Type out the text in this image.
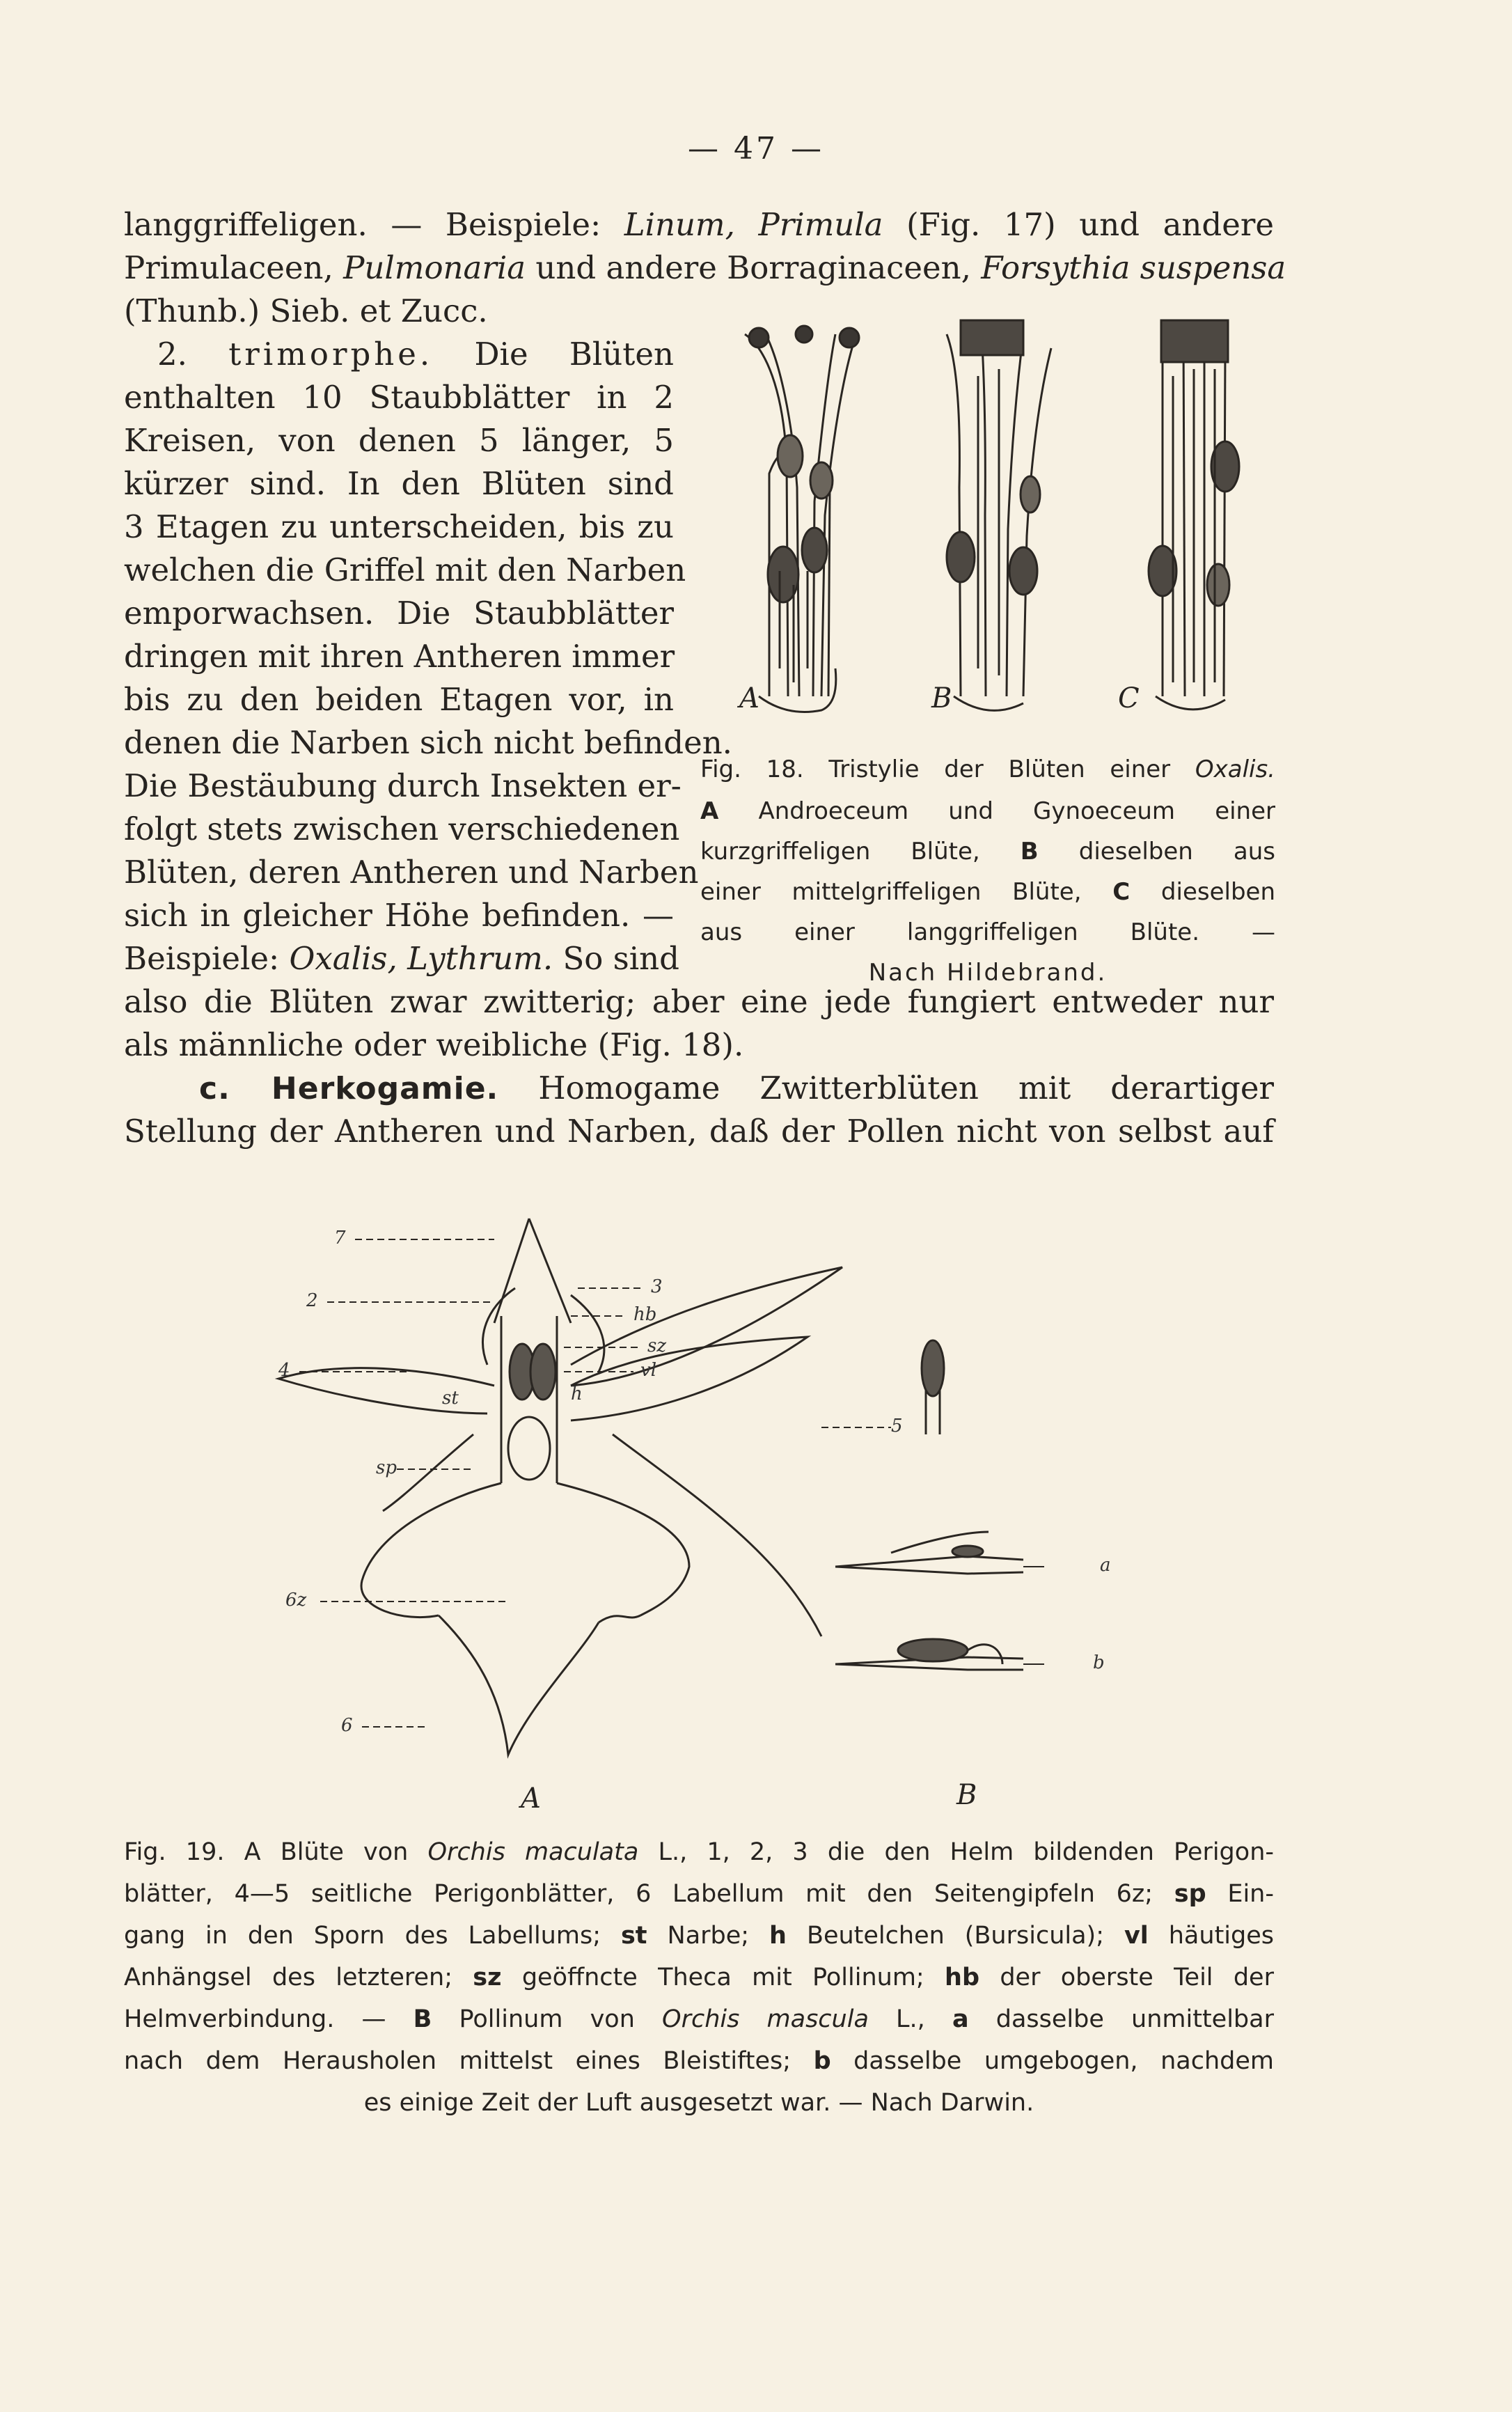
— 47 —
langgriffeligen. — Beispiele: Linum, Primula (Fig. 17) und andere
Primulaceen, Pulmonaria und andere Borraginaceen, Forsythia suspensa
(Thunb.) Sieb. et Zucc.
2. trimorphe. Die Blüten
enthalten 10 Staubblätter in 2
Kreisen, von denen 5 länger, 5
kürzer sind. In den Blüten sind
3 Etagen zu unterscheiden, bis zu
welchen die Griffel mit den Narben
emporwachsen. Die Staubblätter
dringen mit ihren Antheren immer
bis zu den beiden Etagen vor, in
denen die Narben sich nicht befinden.
Die Bestäubung durch Insekten er-
folgt stets zwischen verschiedenen
Blüten, deren Antheren und Narben
sich in gleicher Höhe befinden. —
Beispiele: Oxalis, Lythrum. So sind
also die Blüten zwar zwitterig; aber eine jede fungiert entweder nur
als männliche oder weibliche (Fig. 18).
c. Herkogamie. Homogame Zwitterblüten mit derartiger
Stellung der Antheren und Narben, daß der Pollen nicht von selbst auf
A	B	C
Fig. 18. Tristylie der Blüten einer Oxalis.
A Androeceum und Gynoeceum einer
kurzgriffeligen Blüte, B dieselben aus
einer mittelgriffeligen Blüte, C dieselben
aus einer langgriffeligen Blüte. —
Nach Hildebrand.
7
2
4
3
hb
sz
vl
h
st
sp
5
6z
6
a
b
A	B
Fig. 19. A Blüte von Orchis maculata L., 1, 2, 3 die den Helm bildenden Perigon-
blätter, 4—5 seitliche Perigonblätter, 6 Labellum mit den Seitengipfeln 6z; sp Ein-
gang in den Sporn des Labellums; st Narbe; h Beutelchen (Bursicula); vl häutiges
Anhängsel des letzteren; sz geöffncte Theca mit Pollinum; hb der oberste Teil der
Helmverbindung. — B Pollinum von Orchis mascula L., a dasselbe unmittelbar
nach dem Herausholen mittelst eines Bleistiftes; b dasselbe umgebogen, nachdem
es einige Zeit der Luft ausgesetzt war. — Nach Darwin.
